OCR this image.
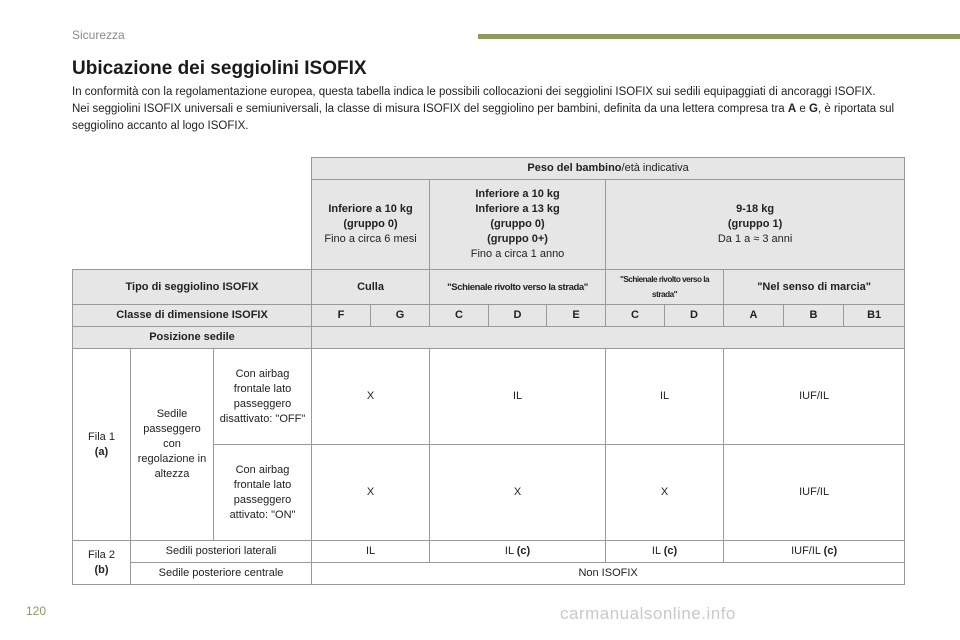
Sicurezza
Ubicazione dei seggiolini ISOFIX

In conformità con la regolamentazione europea, questa tabella indica le possibili collocazioni dei seggiolini ISOFIX sui sedili equipaggiati di ancoraggi ISOFIX.

Nei seggiolini ISOFIX universali e semiuniversali, la classe di misura ISOFIX del seggiolino per bambini, definita da una lettera compresa tra A e G, è riportata sul seggiolino accanto al logo ISOFIX.

			Peso del bambino/età indicativa									
			Inferiore a 10 kg
(gruppo 0)
Fino a circa 6 mesi		Inferiore a 10 kg
Inferiore a 13 kg
(gruppo 0)
(gruppo 0+)
Fino a circa 1 anno			9-18 kg
(gruppo 1)
Da 1 a ≈ 3 anni				
Tipo di seggiolino ISOFIX			Culla		"Schienale rivolto verso la strada"			"Schienale rivolto verso la strada"		"Nel senso di marcia"		
Classe di dimensione ISOFIX			F	G	C	D	E	C	D	A	B	B1
Posizione sedile												
Fila 1
(a)	Sedile passeggero con regolazione in altezza	Con airbag frontale lato passeggero disattivato: "OFF"	X		IL			IL		IUF/IL		
		Con airbag frontale lato passeggero attivato: "ON"	X		X			X		IUF/IL		
Fila 2
(b)	Sedili posteriori laterali		IL		IL (c)			IL (c)		IUF/IL (c)		
	Sedile posteriore centrale		Non ISOFIX									
120	carmanualsonline.info
